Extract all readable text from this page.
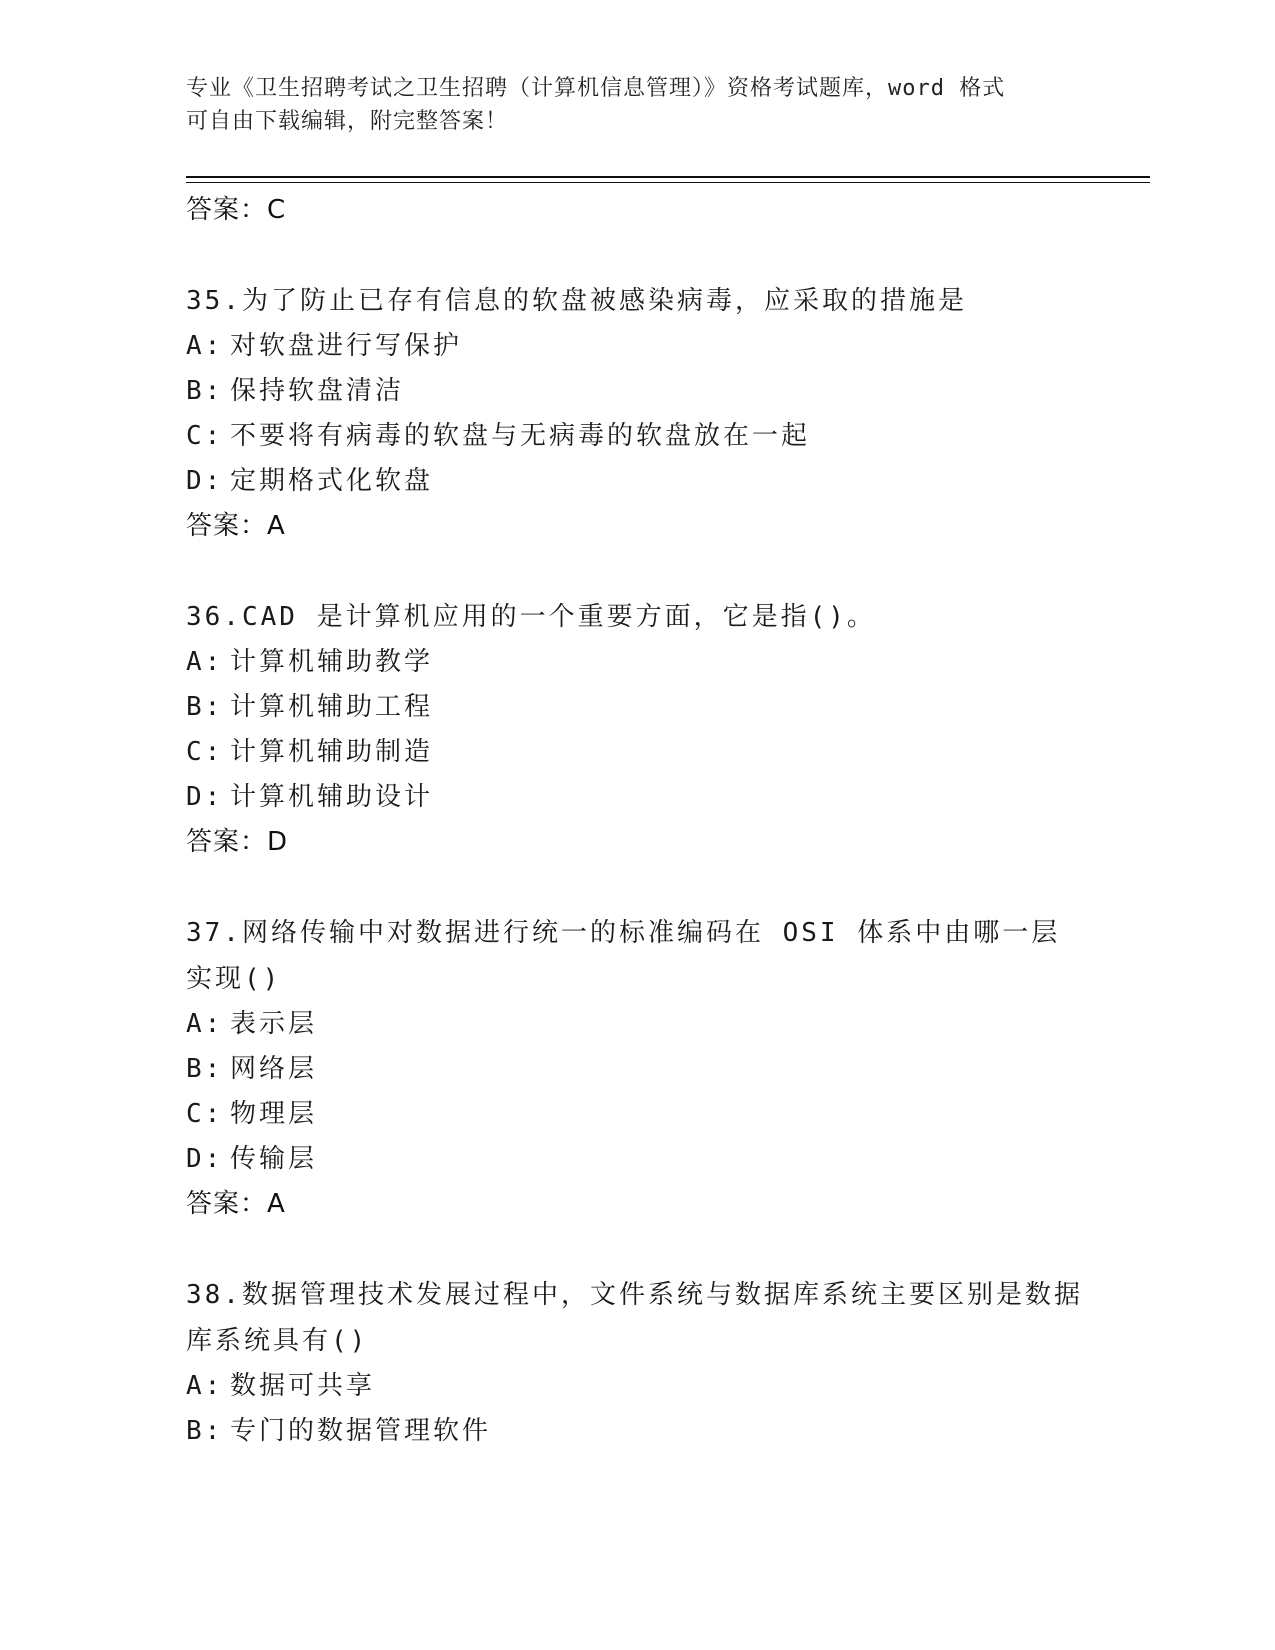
专业《卫生招聘考试之卫生招聘（计算机信息管理）》资格考试题库，word 格式
可自由下载编辑，附完整答案！
答案：C
35.为了防止已存有信息的软盘被感染病毒，应采取的措施是
A: 对软盘进行写保护
B: 保持软盘清洁
C: 不要将有病毒的软盘与无病毒的软盘放在一起
D: 定期格式化软盘
答案：A
36.CAD 是计算机应用的一个重要方面，它是指()。
A: 计算机辅助教学
B: 计算机辅助工程
C: 计算机辅助制造
D: 计算机辅助设计
答案：D
37.网络传输中对数据进行统一的标准编码在 OSI 体系中由哪一层实现()
A: 表示层
B: 网络层
C: 物理层
D: 传输层
答案：A
38.数据管理技术发展过程中，文件系统与数据库系统主要区别是数据库系统具有()
A: 数据可共享
B: 专门的数据管理软件
